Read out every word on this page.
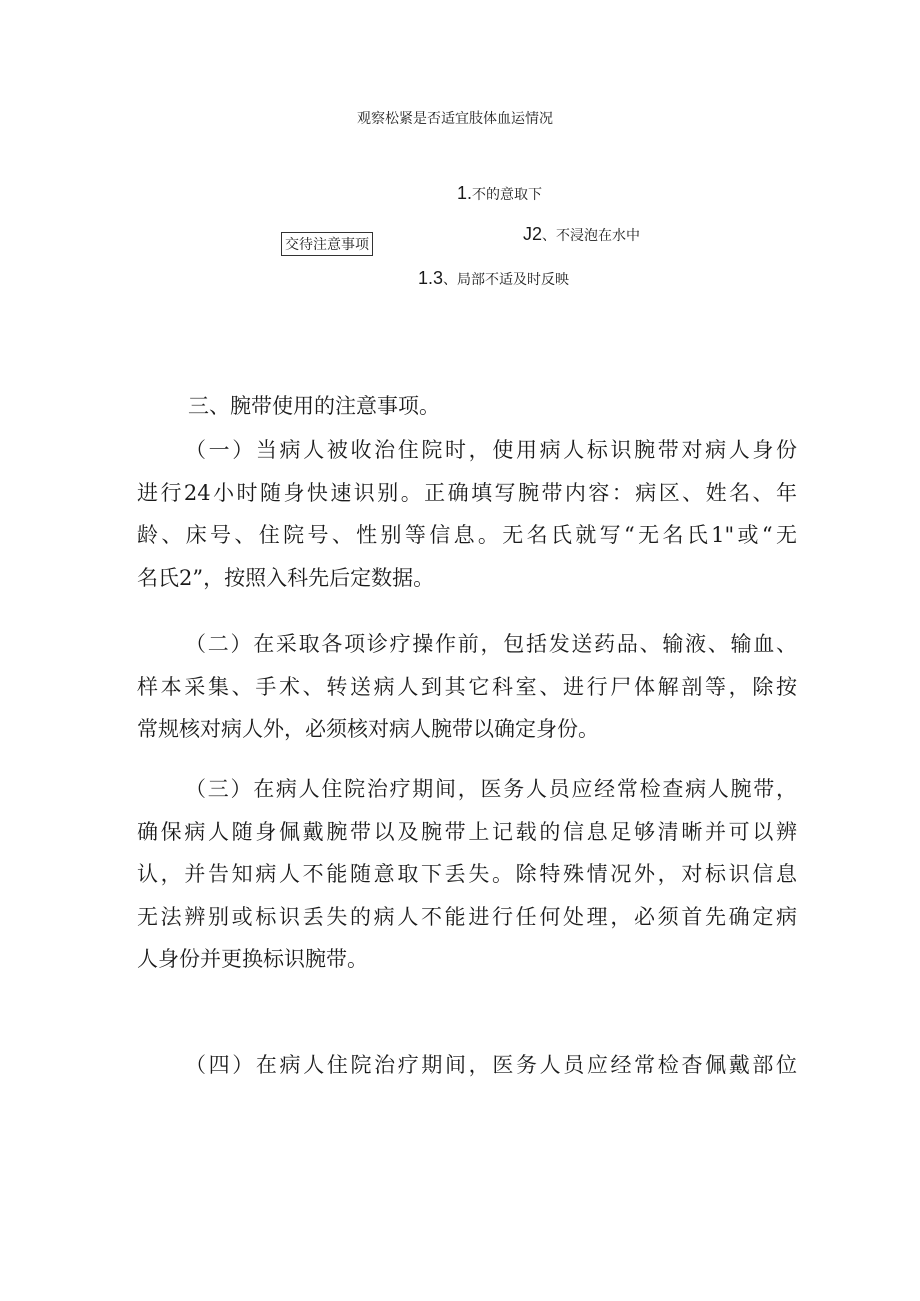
观察松紧是否适宜肢体血运情况
1.不的意取下
交待注意事项
J2、不浸泡在水中
1.3、局部不适及时反映
三、腕带使用的注意事项。
（一）当病人被收治住院时，使用病人标识腕带对病人身份
进行24小时随身快速识别。正确填写腕带内容：病区、姓名、年
龄、床号、住院号、性别等信息。无名氏就写“无名氏1"或“无
名氏2”，按照入科先后定数据。
（二）在采取各项诊疗操作前，包括发送药品、输液、输血、
样本采集、手术、转送病人到其它科室、进行尸体解剖等，除按
常规核对病人外，必须核对病人腕带以确定身份。
（三）在病人住院治疗期间，医务人员应经常检查病人腕带，
确保病人随身佩戴腕带以及腕带上记载的信息足够清晰并可以辨
认，并告知病人不能随意取下丢失。除特殊情况外，对标识信息
无法辨别或标识丢失的病人不能进行任何处理，必须首先确定病
人身份并更换标识腕带。
（四）在病人住院治疗期间，医务人员应经常检杳佩戴部位
